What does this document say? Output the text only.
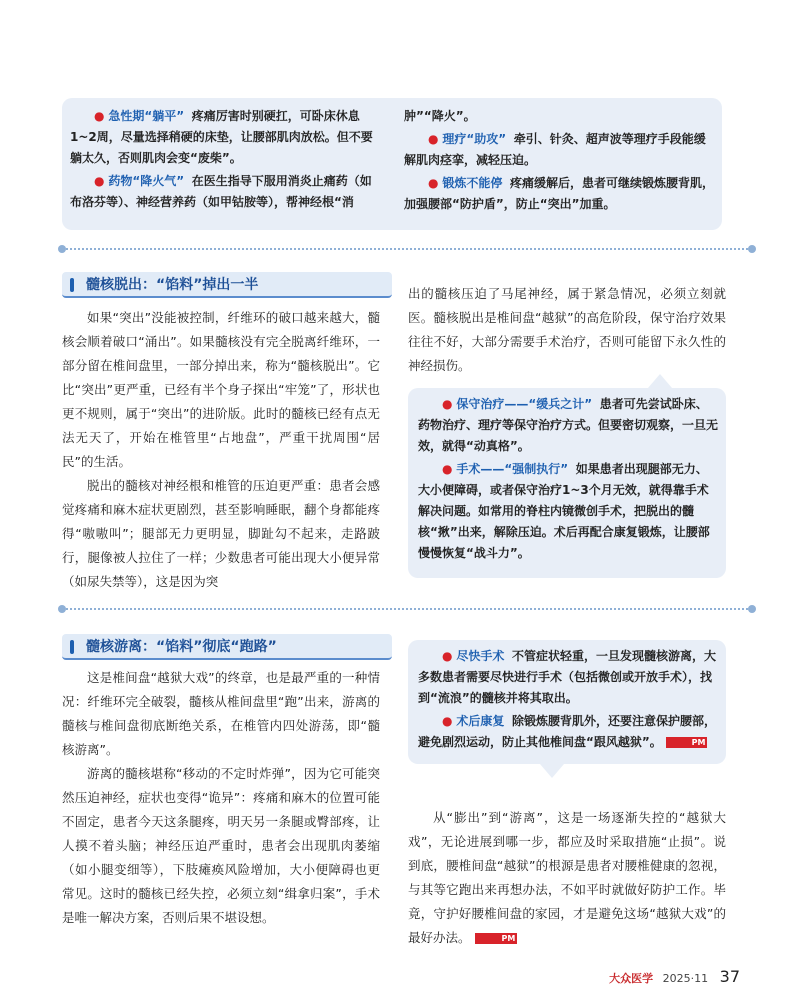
● 急性期“躺平” 疼痛厉害时别硬扛，可卧床休息1~2周，尽量选择稍硬的床垫，让腰部肌肉放松。但不要躺太久，否则肌肉会变“废柴”。

● 药物“降火气” 在医生指导下服用消炎止痛药（如布洛芬等）、神经营养药（如甲钴胺等），帮神经根“消

肿”“降火”。

● 理疗“助攻” 牵引、针灸、超声波等理疗手段能缓解肌肉痉挛，减轻压迫。

● 锻炼不能停 疼痛缓解后，患者可继续锻炼腰背肌，加强腰部“防护盾”，防止“突出”加重。

髓核脱出：“馅料”掉出一半

如果“突出”没能被控制，纤维环的破口越来越大，髓核会顺着破口“涌出”。如果髓核没有完全脱离纤维环，一部分留在椎间盘里，一部分掉出来，称为“髓核脱出”。它比“突出”更严重，已经有半个身子探出“牢笼”了，形状也更不规则，属于“突出”的进阶版。此时的髓核已经有点无法无天了，开始在椎管里“占地盘”，严重干扰周围“居民”的生活。

脱出的髓核对神经根和椎管的压迫更严重：患者会感觉疼痛和麻木症状更剧烈，甚至影响睡眠，翻个身都能疼得“嗷嗷叫”；腿部无力更明显，脚趾勾不起来，走路跛行，腿像被人拉住了一样；少数患者可能出现大小便异常（如尿失禁等），这是因为突

出的髓核压迫了马尾神经，属于紧急情况，必须立刻就医。髓核脱出是椎间盘“越狱”的高危阶段，保守治疗效果往往不好，大部分需要手术治疗，否则可能留下永久性的神经损伤。

● 保守治疗——“缓兵之计” 患者可先尝试卧床、药物治疗、理疗等保守治疗方式。但要密切观察，一旦无效，就得“动真格”。

● 手术——“强制执行” 如果患者出现腿部无力、大小便障碍，或者保守治疗1~3个月无效，就得靠手术解决问题。如常用的脊柱内镜微创手术，把脱出的髓核“揪”出来，解除压迫。术后再配合康复锻炼，让腰部慢慢恢复“战斗力”。

髓核游离：“馅料”彻底“跑路”

这是椎间盘“越狱大戏”的终章，也是最严重的一种情况：纤维环完全破裂，髓核从椎间盘里“跑”出来，游离的髓核与椎间盘彻底断绝关系，在椎管内四处游荡，即“髓核游离”。

游离的髓核堪称“移动的不定时炸弹”，因为它可能突然压迫神经，症状也变得“诡异”：疼痛和麻木的位置可能不固定，患者今天这条腿疼，明天另一条腿或臀部疼，让人摸不着头脑；神经压迫严重时，患者会出现肌肉萎缩（如小腿变细等），下肢瘫痪风险增加，大小便障碍也更常见。这时的髓核已经失控，必须立刻“缉拿归案”，手术是唯一解决方案，否则后果不堪设想。

● 尽快手术 不管症状轻重，一旦发现髓核游离，大多数患者需要尽快进行手术（包括微创或开放手术），找到“流浪”的髓核并将其取出。

● 术后康复 除锻炼腰背肌外，还要注意保护腰部，避免剧烈运动，防止其他椎间盘“跟风越狱”。	PM

从“膨出”到“游离”，这是一场逐渐失控的“越狱大戏”，无论进展到哪一步，都应及时采取措施“止损”。说到底，腰椎间盘“越狱”的根源是患者对腰椎健康的忽视，与其等它跑出来再想办法，不如平时就做好防护工作。毕竟，守护好腰椎间盘的家园，才是避免这场“越狱大戏”的最好办法。	PM

大众医学 2025·11 37
